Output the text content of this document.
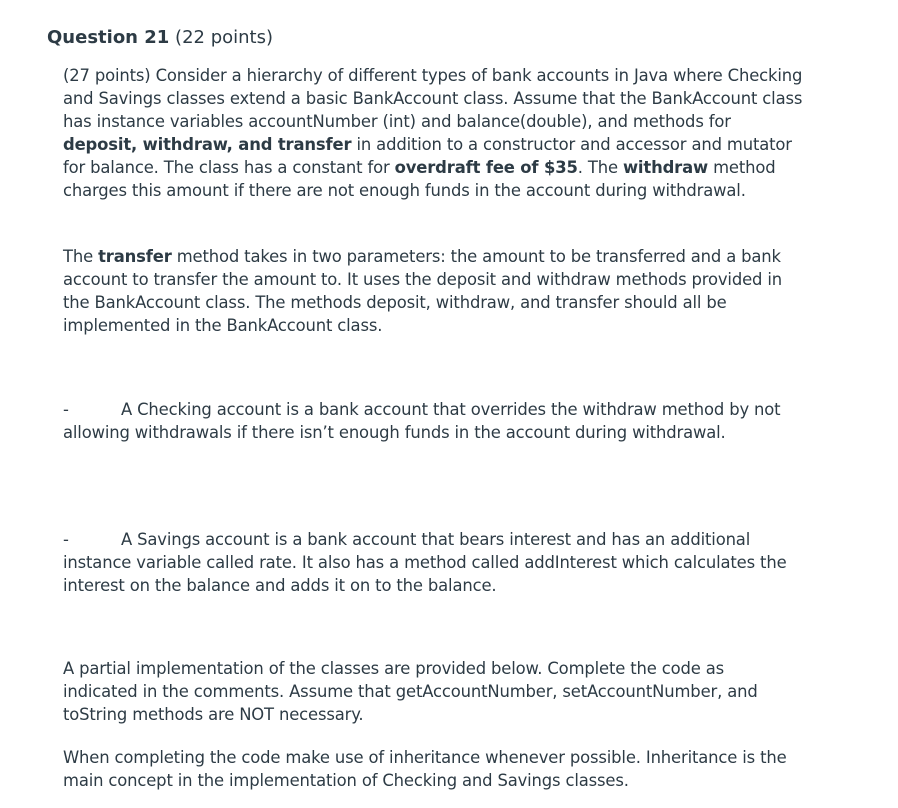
Question 21 (22 points)
(27 points) Consider a hierarchy of different types of bank accounts in Java where Checking and Savings classes extend a basic BankAccount class. Assume that the BankAccount class has instance variables accountNumber (int) and balance(double), and methods for deposit, withdraw, and transfer in addition to a constructor and accessor and mutator for balance. The class has a constant for overdraft fee of $35. The withdraw method charges this amount if there are not enough funds in the account during withdrawal.
The transfer method takes in two parameters: the amount to be transferred and a bank account to transfer the amount to. It uses the deposit and withdraw methods provided in the BankAccount class. The methods deposit, withdraw, and transfer should all be implemented in the BankAccount class.
-	A Checking account is a bank account that overrides the withdraw method by not allowing withdrawals if there isn’t enough funds in the account during withdrawal.
-	A Savings account is a bank account that bears interest and has an additional instance variable called rate. It also has a method called addInterest which calculates the interest on the balance and adds it on to the balance.
A partial implementation of the classes are provided below. Complete the code as indicated in the comments. Assume that getAccountNumber, setAccountNumber, and toString methods are NOT necessary.
When completing the code make use of inheritance whenever possible. Inheritance is the main concept in the implementation of Checking and Savings classes.
